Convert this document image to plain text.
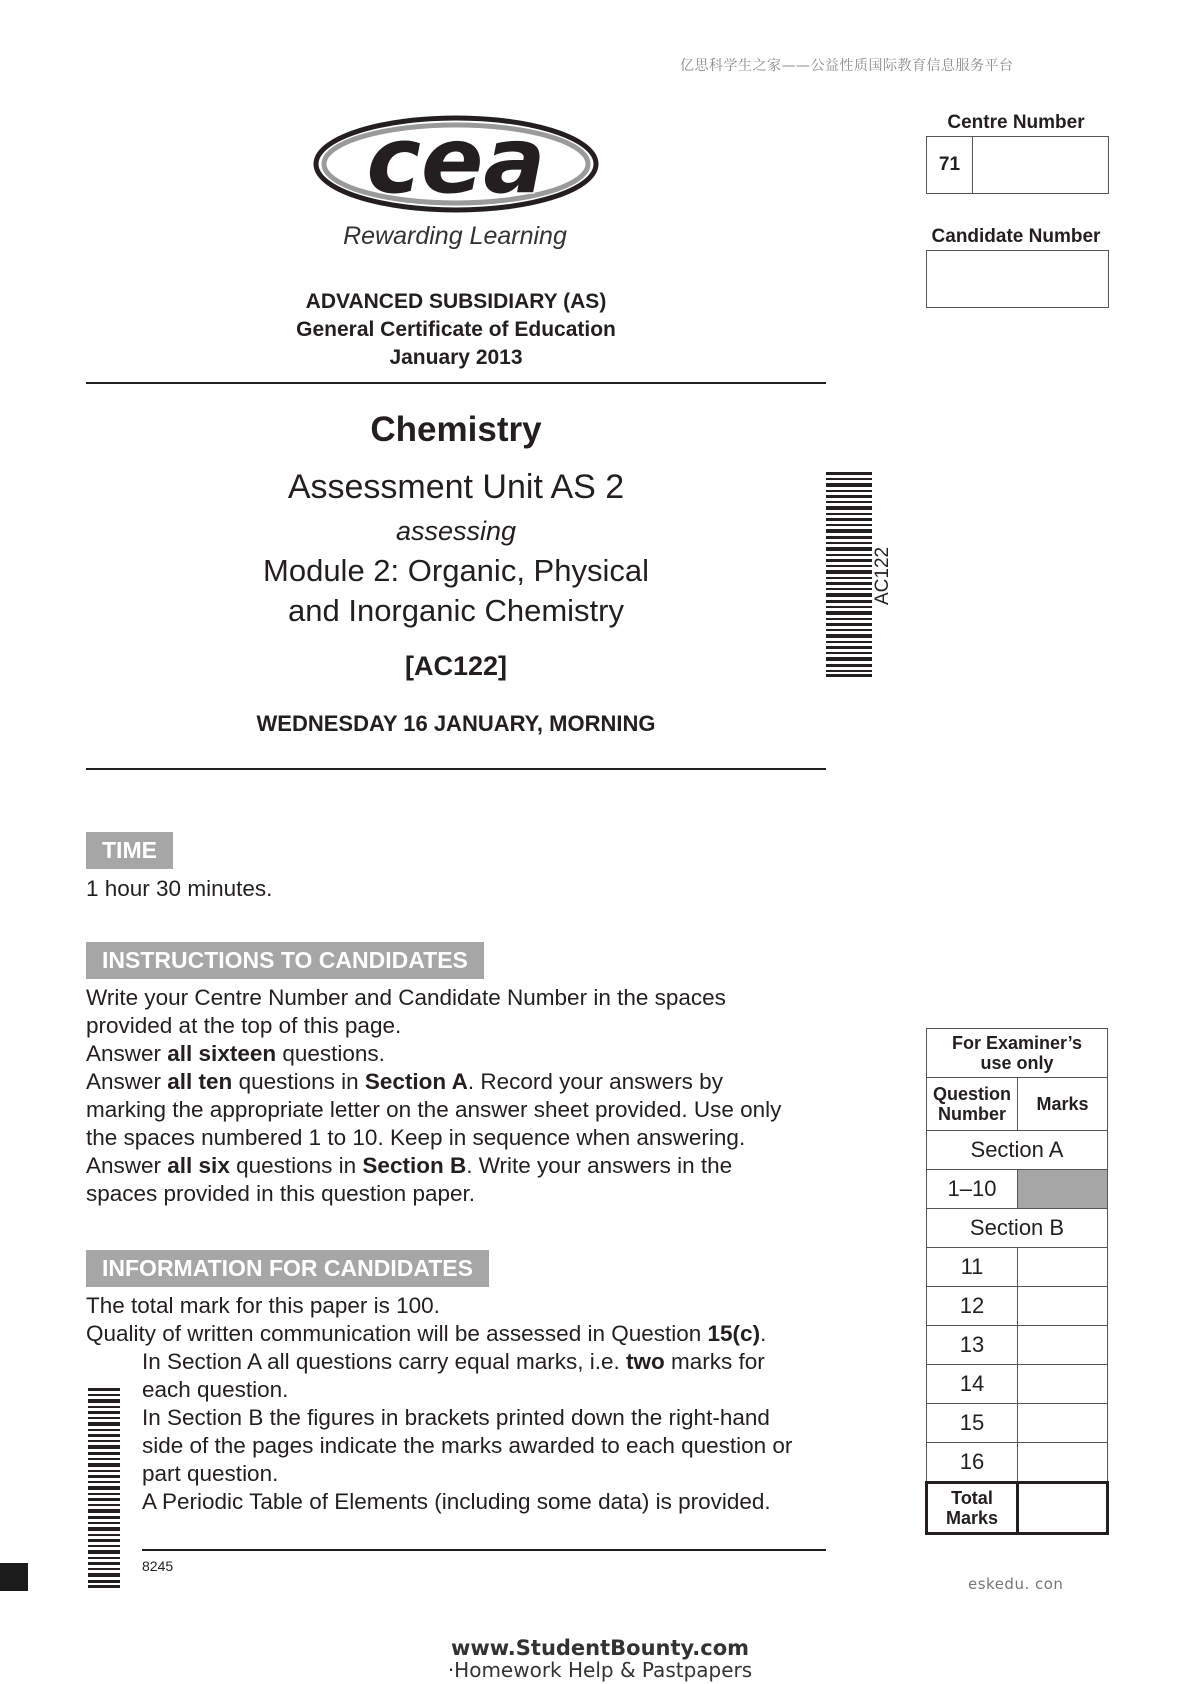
亿思科学生之家——公益性质国际教育信息服务平台
cea
Rewarding Learning
ADVANCED SUBSIDIARY (AS)
General Certificate of Education
January 2013
Chemistry
Assessment Unit AS 2
assessing
Module 2: Organic, Physical
and Inorganic Chemistry
[AC122]
WEDNESDAY 16 JANUARY, MORNING
AC122
Centre Number
71
Candidate Number
TIME
1 hour 30 minutes.
INSTRUCTIONS TO CANDIDATES

Write your Centre Number and Candidate Number in the spaces

provided at the top of this page.

Answer all sixteen questions.

Answer all ten questions in Section A. Record your answers by

marking the appropriate letter on the answer sheet provided. Use only

the spaces numbered 1 to 10. Keep in sequence when answering.

Answer all six questions in Section B. Write your answers in the

spaces provided in this question paper.

INFORMATION FOR CANDIDATES

The total mark for this paper is 100.

Quality of written communication will be assessed in Question 15(c).

In Section A all questions carry equal marks, i.e. two marks for

each question.

In Section B the figures in brackets printed down the right-hand

side of the pages indicate the marks awarded to each question or

part question.

A Periodic Table of Elements (including some data) is provided.

8245
For Examiner’s
use only	

Question
Number	Marks
Section A	
1–10	
Section B	
11	
12	
13	
14	
15	
16	

Total
Marks	

eskedu. con
www.StudentBounty.com
·Homework Help & Pastpapers
